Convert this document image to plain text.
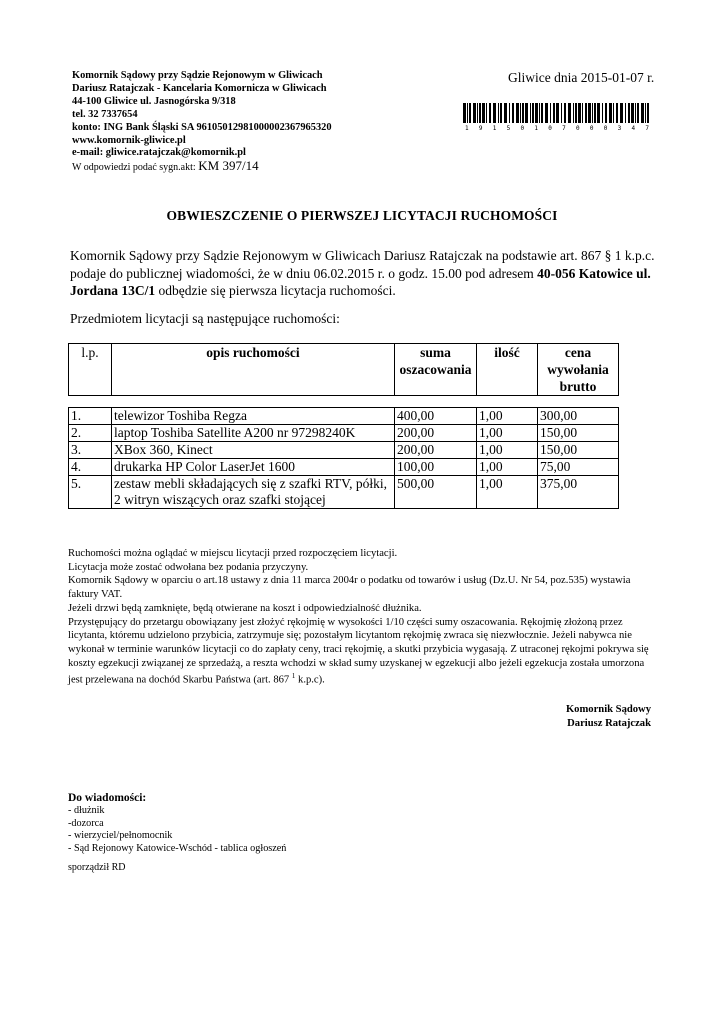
Komornik Sądowy przy Sądzie Rejonowym w Gliwicach
Dariusz Ratajczak - Kancelaria Komornicza w Gliwicach
44-100 Gliwice ul. Jasnogórska 9/318
tel. 32 7337654
konto: ING Bank Śląski SA 96105012981000002367965320
www.komornik-gliwice.pl
e-mail: gliwice.ratajczak@komornik.pl
W odpowiedzi podać sygn.akt: KM 397/14
Gliwice dnia 2015-01-07 r.
1 9 1 5 0 1 0 7 0 0 0 3 4 7
OBWIESZCZENIE O PIERWSZEJ LICYTACJI RUCHOMOŚCI
Komornik Sądowy przy Sądzie Rejonowym w Gliwicach Dariusz Ratajczak na podstawie art. 867 § 1 k.p.c. podaje do publicznej wiadomości, że w dniu 06.02.2015 r. o godz. 15.00 pod adresem 40-056 Katowice ul. Jordana 13C/1 odbędzie się pierwsza licytacja ruchomości.
Przedmiotem licytacji są następujące ruchomości:
l.p.	opis ruchomości	suma oszacowania	ilość	cena wywołania brutto
1.	telewizor Toshiba Regza	400,00	1,00	300,00
2.	laptop Toshiba Satellite A200 nr 97298240K	200,00	1,00	150,00
3.	XBox 360, Kinect	200,00	1,00	150,00
4.	drukarka HP Color LaserJet 1600	100,00	1,00	75,00
5.	zestaw mebli składających się z szafki RTV, półki, 2 witryn wiszących oraz szafki stojącej	500,00	1,00	375,00

Ruchomości można oglądać w miejscu licytacji przed rozpoczęciem licytacji.

Licytacja może zostać odwołana bez podania przyczyny.

Komornik Sądowy w oparciu o art.18 ustawy z dnia 11 marca 2004r o podatku od towarów i usług (Dz.U. Nr 54, poz.535) wystawia faktury VAT.

Jeżeli drzwi będą zamknięte, będą otwierane na koszt i odpowiedzialność dłużnika.

Przystępujący do przetargu obowiązany jest złożyć rękojmię w wysokości 1/10 części sumy oszacowania. Rękojmię złożoną przez licytanta, któremu udzielono przybicia, zatrzymuje się; pozostałym licytantom rękojmię zwraca się niezwłocznie. Jeżeli nabywca nie wykonał w terminie warunków licytacji co do zapłaty ceny, traci rękojmię, a skutki przybicia wygasają. Z utraconej rękojmi pokrywa się koszty egzekucji związanej ze sprzedażą, a reszta wchodzi w skład sumy uzyskanej w egzekucji albo jeżeli egzekucja została umorzona jest przelewana na dochód Skarbu Państwa (art. 867 $^1$ k.p.c).

Komornik Sądowy
Dariusz Ratajczak
Do wiadomości:
- dłużnik
-dozorca
- wierzyciel/pełnomocnik
- Sąd Rejonowy Katowice-Wschód - tablica ogłoszeń
sporządził RD
